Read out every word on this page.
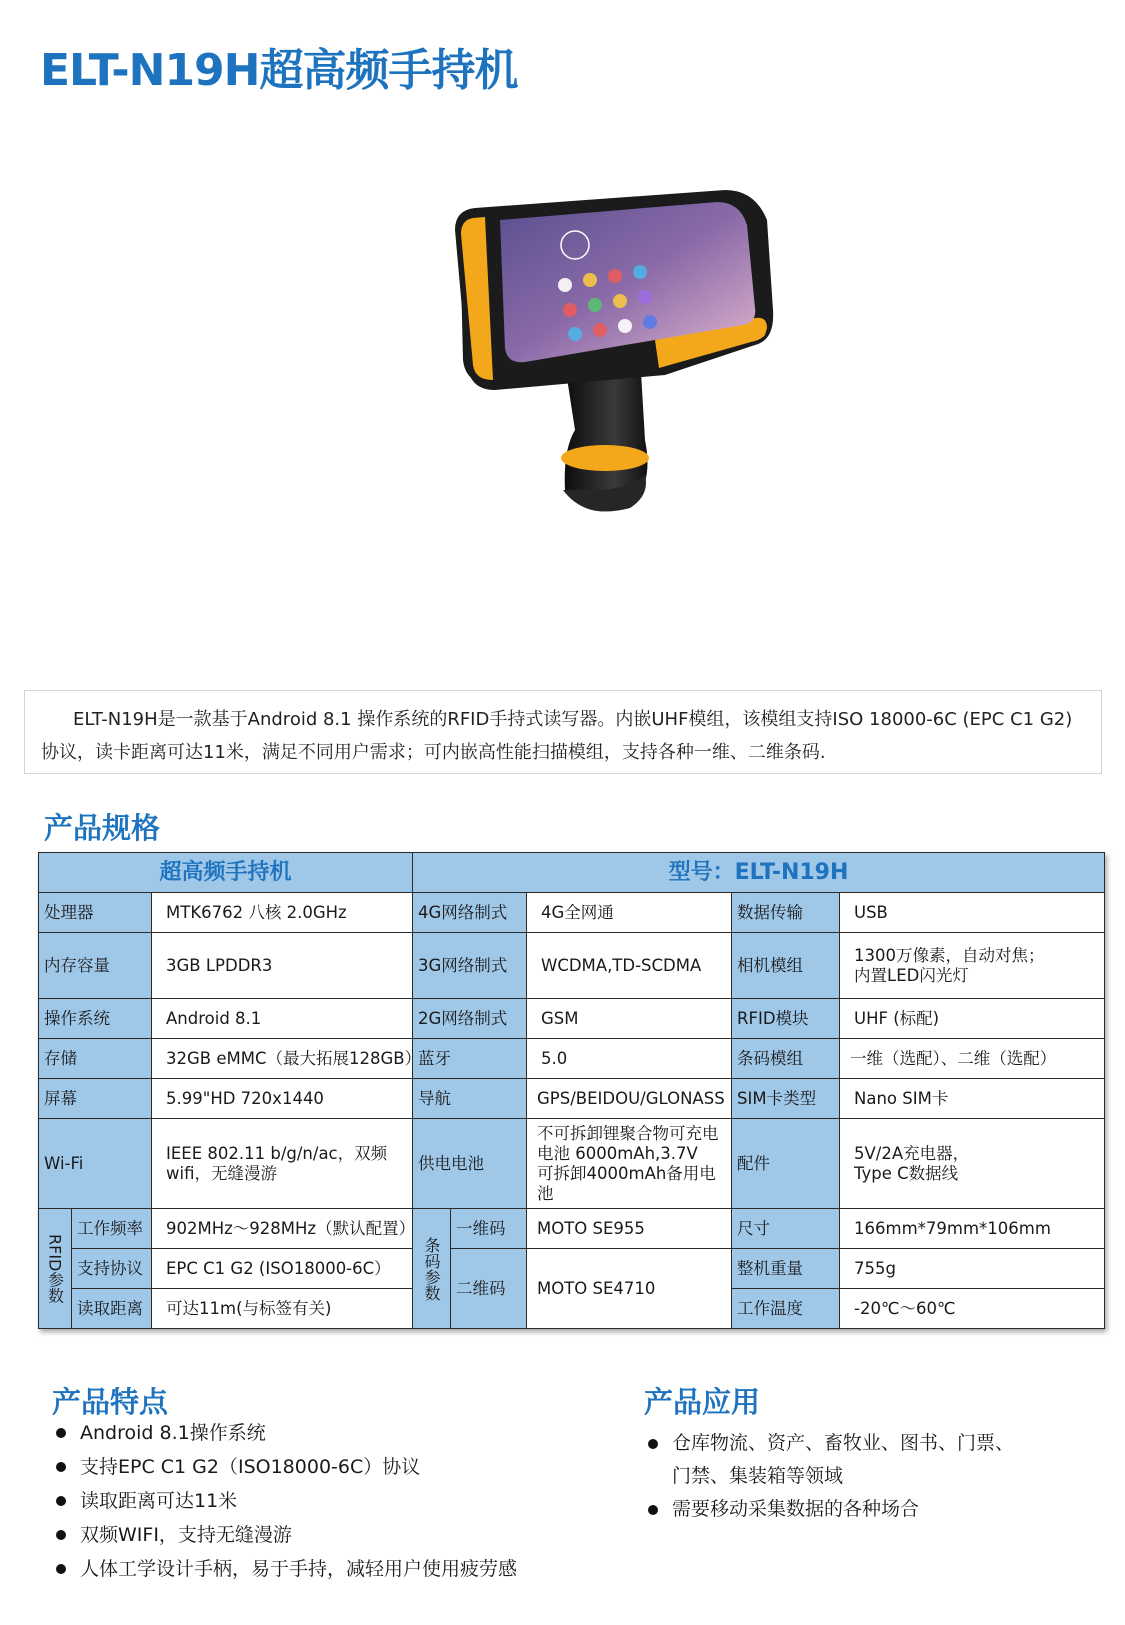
ELT-N19H超高频手持机
ELT-N19H是一款基于Android 8.1 操作系统的RFID手持式读写器。内嵌UHF模组，该模组支持ISO 18000-6C (EPC C1 G2)协议，读卡距离可达11米，满足不同用户需求；可内嵌高性能扫描模组，支持各种一维、二维条码.
产品规格
超高频手持机			型号：ELT-N19H				
处理器		MTK6762 八核 2.0GHz	4G网络制式		4G全网通	数据传输	USB
内存容量		3GB LPDDR3	3G网络制式		WCDMA,TD-SCDMA	相机模组	1300万像素，自动对焦；
内置LED闪光灯
操作系统		Android 8.1	2G网络制式		GSM	RFID模块	UHF (标配)
存储		32GB eMMC（最大拓展128GB）	蓝牙		5.0	条码模组	一维（选配）、二维（选配）
屏幕		5.99"HD 720x1440	导航		GPS/BEIDOU/GLONASS	SIM卡类型	Nano SIM卡
Wi-Fi		IEEE 802.11 b/g/n/ac，双频
wifi，无缝漫游	供电电池		不可拆卸锂聚合物可充电
电池 6000mAh,3.7V
可拆卸4000mAh备用电
池	配件	5V/2A充电器，
Type C数据线

RFID参数	工作频率	902MHz～928MHz（默认配置）	条码参数	一维码	MOTO SE955	尺寸	166mm*79mm*106mm
	支持协议	EPC C1 G2 (ISO18000-6C）		二维码	MOTO SE4710	整机重量	755g
	读取距离	可达11m(与标签有关)				工作温度	-20℃～60℃
产品特点
Android 8.1操作系统
支持EPC C1 G2（ISO18000-6C）协议
读取距离可达11米
双频WIFI，支持无缝漫游
人体工学设计手柄，易于手持，减轻用户使用疲劳感
产品应用
仓库物流、资产、畜牧业、图书、门票、
门禁、集装箱等领域
需要移动采集数据的各种场合
